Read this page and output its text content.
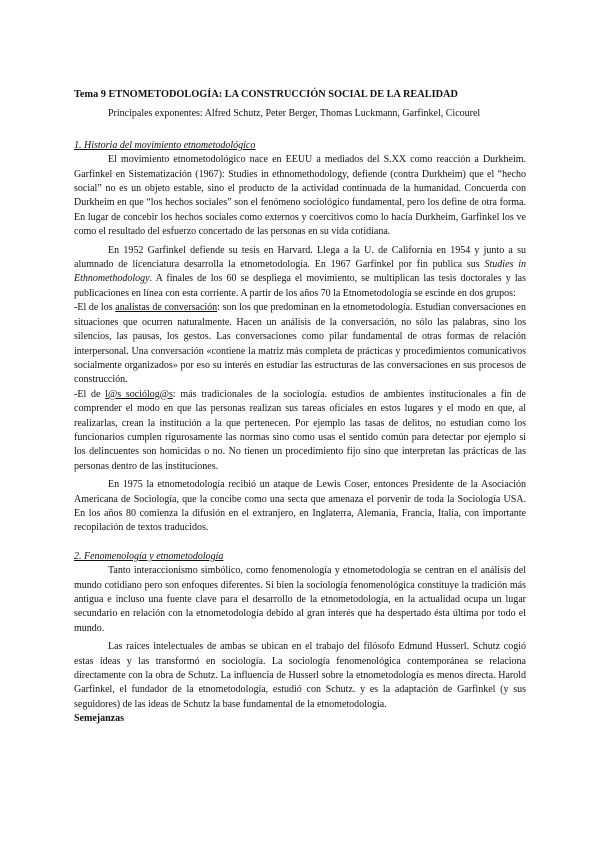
Tema 9 ETNOMETODOLOGÍA: LA CONSTRUCCIÓN SOCIAL DE LA REALIDAD

Principales exponentes: Alfred Schutz, Peter Berger, Thomas Luckmann, Garfinkel, Cicourel

1. Historia del movimiento etnometodológico

El movimiento etnometodológico nace en EEUU a mediados del S.XX como reacción a Durkheim. Garfinkel en Sistematización (1967): Studies in ethnomethodology, defiende (contra Durkheim) que el “hecho social” no es un objeto estable, sino el producto de la actividad continuada de la humanidad. Concuerda con Durkheim en que “los hechos sociales” son el fenómeno sociológico fundamental, pero los define de otra forma. En lugar de concebir los hechos sociales como externos y coercitivos como lo hacía Durkheim, Garfinkel los ve como el resultado del esfuerzo concertado de las personas en su vida cotidiana.

En 1952 Garfinkel defiende su tesis en Harvard. Llega a la U. de California en 1954 y junto a su alumnado de licenciatura desarrolla la etnometodología. En 1967 Garfinkel por fin publica sus Studies in Ethnomethodology. A finales de los 60 se despliega el movimiento, se multiplican las tesis doctorales y las publicaciones en línea con esta corriente. A partir de los años 70 la Etnometodología se escinde en dos grupos:

-El de los analistas de conversación: son los que predominan en la etnometodología. Estudian conversaciones en situaciones que ocurren naturalmente. Hacen un análisis de la conversación, no sólo las palabras, sino los silencios, las pausas, los gestos. Las conversaciones como pilar fundamental de otras formas de relación interpersonal. Una conversación «contiene la matriz más completa de prácticas y procedimientos comunicativos socialmente organizados» por eso su interés en estudiar las estructuras de las conversaciones en sus procesos de construcción.

-El de l@s sociólog@s: más tradicionales de la sociología. estudios de ambientes institucionales a fin de comprender el modo en que las personas realizan sus tareas oficiales en estos lugares y el modo en que, al realizarlas, crean la institución a la que pertenecen. Por ejemplo las tasas de delitos, no estudian como los funcionarios cumplen rigurosamente las normas sino como usas el sentido común para detectar por ejemplo si los delincuentes son homicidas o no. No tienen un procedimiento fijo sino que interpretan las prácticas de las personas dentro de las instituciones.

En 1975 la etnometodología recibió un ataque de Lewis Coser, entonces Presidente de la Asociación Americana de Sociología, que la concibe como una secta que amenaza el porvenir de toda la Sociología USA. En los años 80 comienza la difusión en el extranjero, en Inglaterra, Alemania, Francia, Italia, con importante recopilación de textos traducidos.

2. Fenomenología y etnometodología

Tanto interaccionismo simbólico, como fenomenología y etnometodología se centran en el análisis del mundo cotidiano pero son enfoques diferentes. Si bien la sociología fenomenológica constituye la tradición más antigua e incluso una fuente clave para el desarrollo de la etnometodología, en la actualidad ocupa un lugar secundario en relación con la etnometodología debido al gran interés que ha despertado ésta última por todo el mundo.

Las raíces intelectuales de ambas se ubican en el trabajo del filósofo Edmund Husserl. Schutz cogió estas ideas y las transformó en sociología. La sociología fenomenológica contemporánea se relaciona directamente con la obra de Schutz. La influencia de Husserl sobre la etnometodología es menos directa. Harold Garfinkel, el fundador de la etnometodología, estudió con Schutz. y es la adaptación de Garfinkel (y sus seguidores) de las ideas de Schutz la base fundamental de la etnometodología.

Semejanzas
